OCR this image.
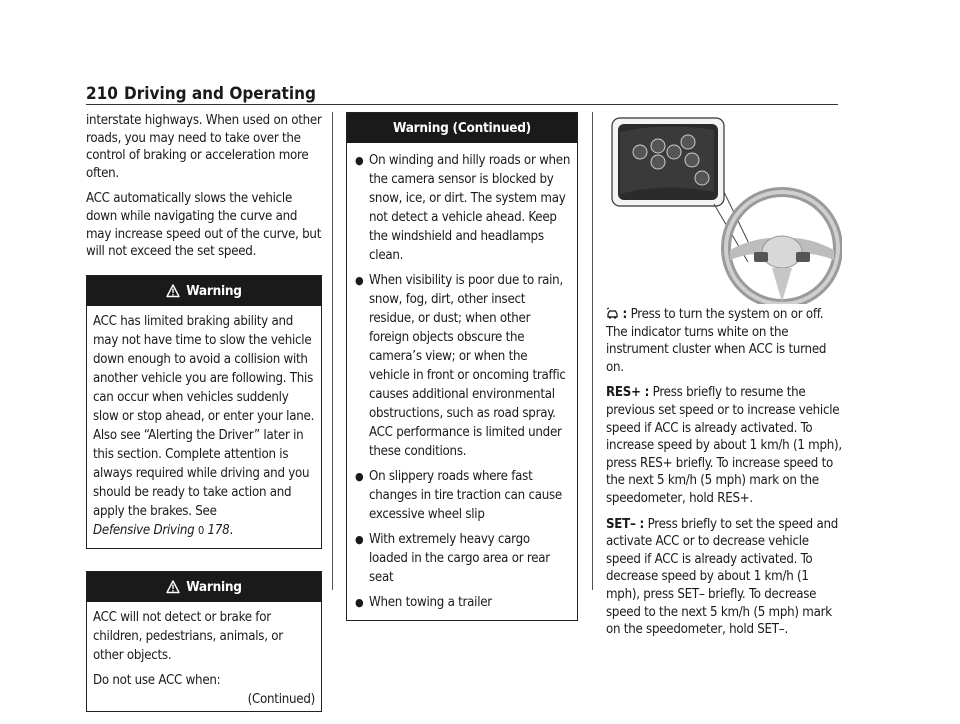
210 Driving and Operating

interstate highways. When used on other roads, you may need to take over the control of braking or acceleration more often.

ACC automatically slows the vehicle down while navigating the curve and may increase speed out of the curve, but will not exceed the set speed.

Warning

ACC has limited braking ability and may not have time to slow the vehicle down enough to avoid a collision with another vehicle you are following. This can occur when vehicles suddenly slow or stop ahead, or enter your lane. Also see “Alerting the Driver” later in this section. Complete attention is always required while driving and you should be ready to take action and apply the brakes. See
Defensive Driving 0 178.

Warning

ACC will not detect or brake for children, pedestrians, animals, or other objects.

Do not use ACC when:

(Continued)
Warning (Continued)
● On winding and hilly roads or when the camera sensor is blocked by snow, ice, or dirt. The system may not detect a vehicle ahead. Keep the windshield and headlamps clean.
● When visibility is poor due to rain, snow, fog, dirt, other insect residue, or dust; when other foreign objects obscure the camera’s view; or when the vehicle in front or oncoming traffic causes additional environmental obstructions, such as road spray. ACC performance is limited under these conditions.
● On slippery roads where fast changes in tire traction can cause excessive wheel slip
● With extremely heavy cargo loaded in the cargo area or rear seat
● When towing a trailer

: Press to turn the system on or off. The indicator turns white on the instrument cluster when ACC is turned on.

RES+ : Press briefly to resume the previous set speed or to increase vehicle speed if ACC is already activated. To increase speed by about 1 km/h (1 mph), press RES+ briefly. To increase speed to the next 5 km/h (5 mph) mark on the speedometer, hold RES+.

SET– : Press briefly to set the speed and activate ACC or to decrease vehicle speed if ACC is already activated. To decrease speed by about 1 km/h (1 mph), press SET– briefly. To decrease speed to the next 5 km/h (5 mph) mark on the speedometer, hold SET–.
